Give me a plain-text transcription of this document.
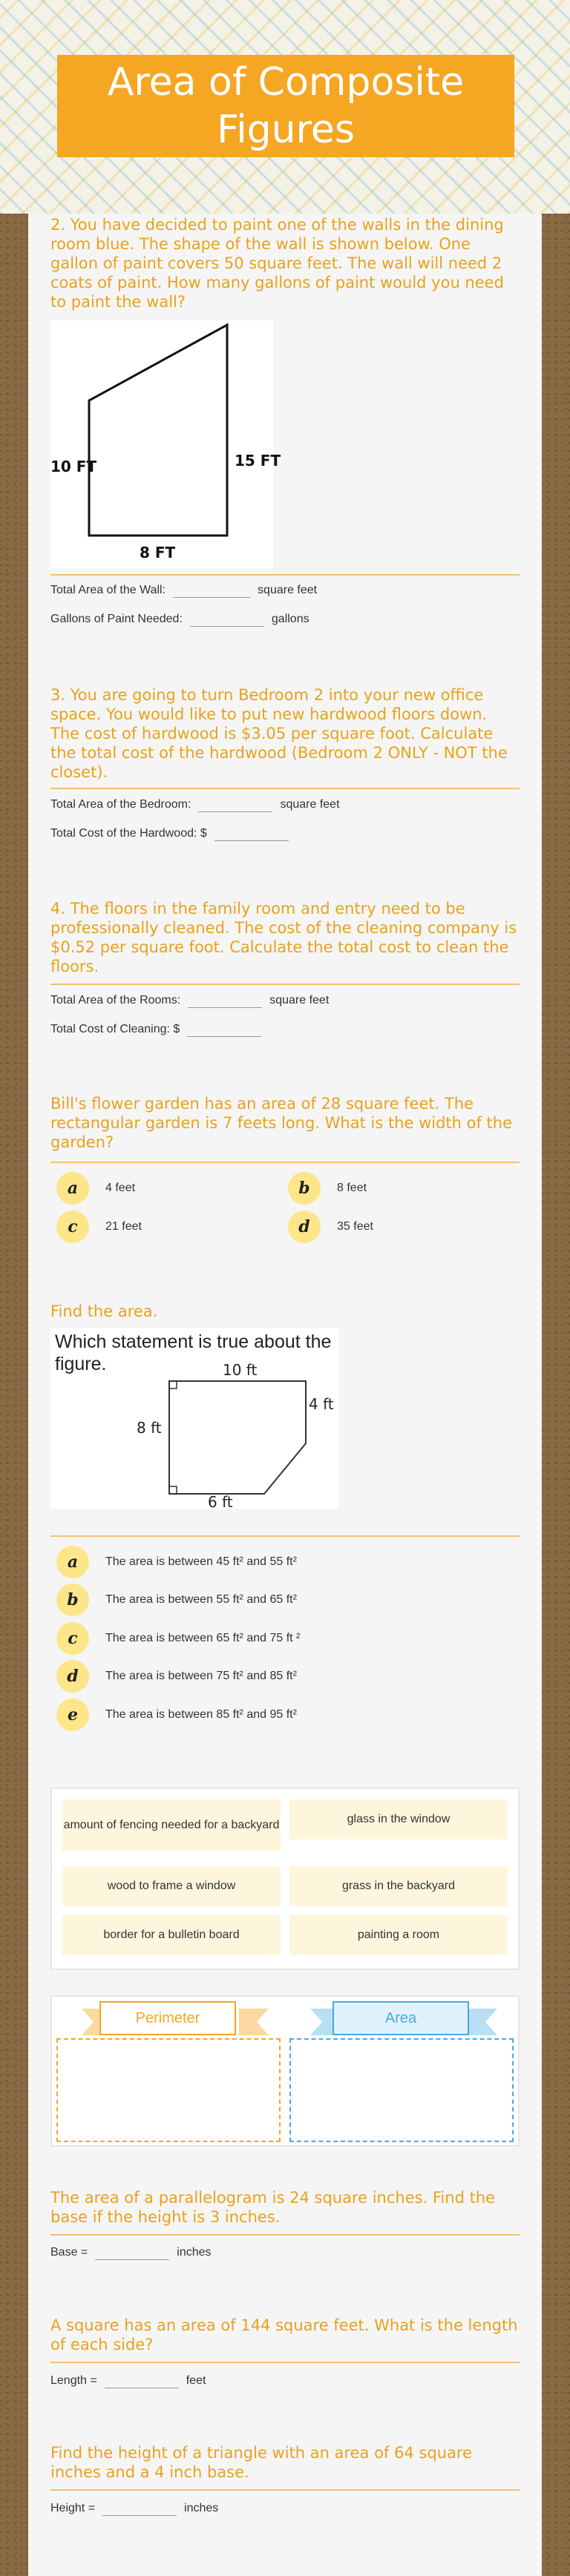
Area of Composite Figures
2. You have decided to paint one of the walls in the dining room blue. The shape of the wall is shown below. One gallon of paint covers 50 square feet. The wall will need 2 coats of paint. How many gallons of paint would you need to paint the wall?
10 FT	15 FT
8 FT
Total Area of the Wall:	square feet
Gallons of Paint Needed:	gallons
3. You are going to turn Bedroom 2 into your new office space. You would like to put new hardwood floors down. The cost of hardwood is $3.05 per square foot. Calculate the total cost of the hardwood (Bedroom 2 ONLY - NOT the closet).
Total Area of the Bedroom:	square feet
Total Cost of the Hardwood: $
4. The floors in the family room and entry need to be professionally cleaned. The cost of the cleaning company is $0.52 per square foot. Calculate the total cost to clean the floors.
Total Area of the Rooms:	square feet
Total Cost of Cleaning: $
Bill's flower garden has an area of 28 square feet. The rectangular garden is 7 feets long. What is the width of the garden?
a	4 feet	b	8 feet
c	21 feet	d	35 feet
Find the area.
Which statement is true about the figure.	10 ft
4 ft
8 ft
6 ft
a	The area is between 45 ft² and 55 ft²
b	The area is between 55 ft² and 65 ft²
c	The area is between 65 ft² and 75 ft ²
d	The area is between 75 ft² and 85 ft²
e	The area is between 85 ft² and 95 ft²
amount of fencing needed for a backyard	glass in the window
wood to frame a window	grass in the backyard
border for a bulletin board	painting a room
Perimeter	Area
The area of a parallelogram is 24 square inches. Find the base if the height is 3 inches.
Base =	inches
A square has an area of 144 square feet. What is the length of each side?
Length =	feet
Find the height of a triangle with an area of 64 square inches and a 4 inch base.
Height =	inches
